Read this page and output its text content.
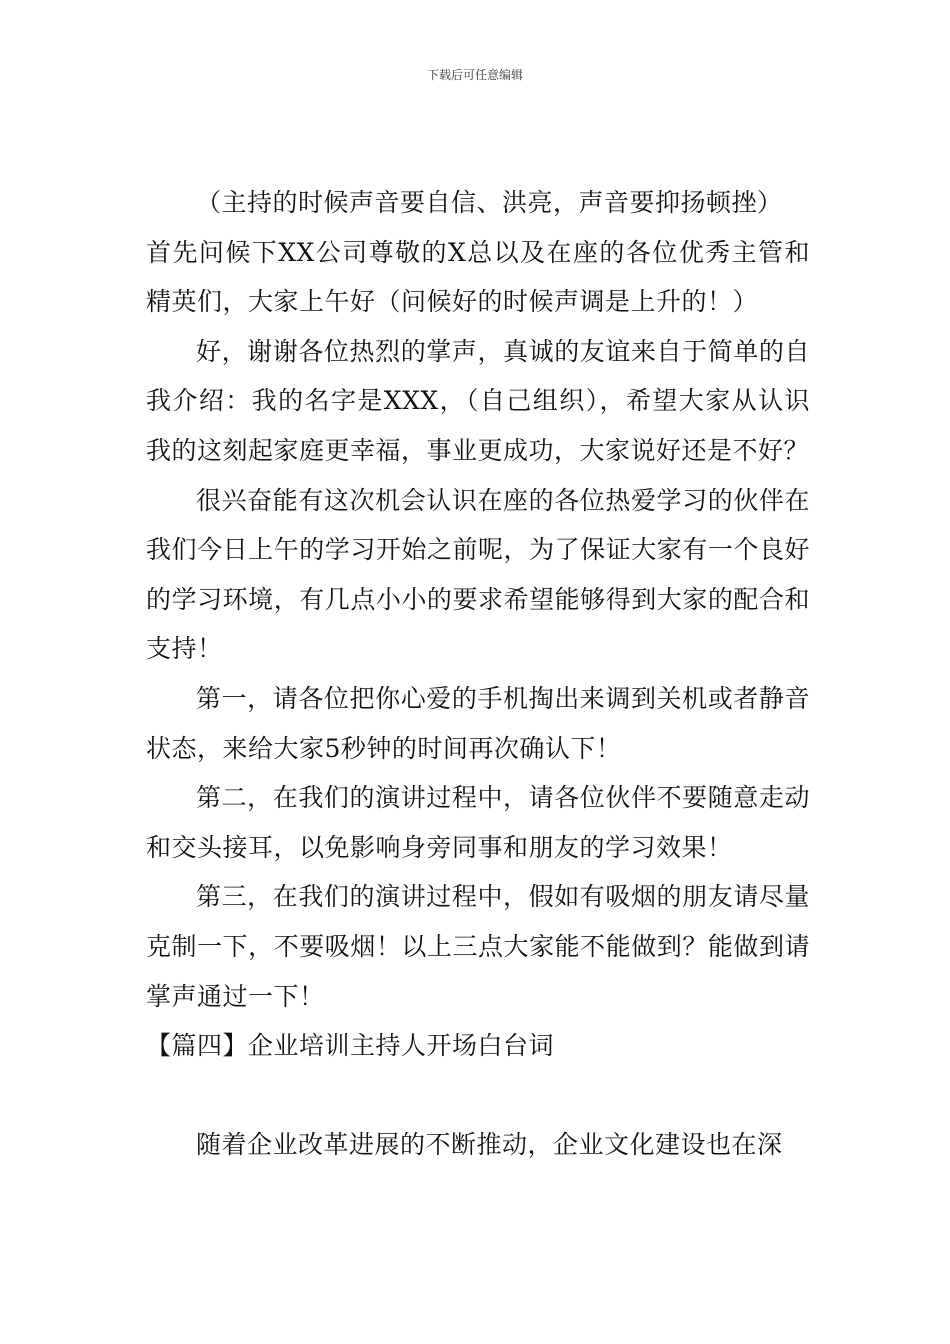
下载后可任意编辑

（主持的时候声音要自信、洪亮，声音要抑扬顿挫）

首先问候下XX公司尊敬的X总以及在座的各位优秀主管和精英们，大家上午好（问候好的时候声调是上升的！）

好，谢谢各位热烈的掌声，真诚的友谊来自于简单的自我介绍：我的名字是XXX，（自己组织），希望大家从认识我的这刻起家庭更幸福，事业更成功，大家说好还是不好？

很兴奋能有这次机会认识在座的各位热爱学习的伙伴在我们今日上午的学习开始之前呢，为了保证大家有一个良好的学习环境，有几点小小的要求希望能够得到大家的配合和支持！

第一，请各位把你心爱的手机掏出来调到关机或者静音状态，来给大家5秒钟的时间再次确认下！

第二，在我们的演讲过程中，请各位伙伴不要随意走动和交头接耳，以免影响身旁同事和朋友的学习效果！

第三，在我们的演讲过程中，假如有吸烟的朋友请尽量克制一下，不要吸烟！以上三点大家能不能做到？能做到请掌声通过一下！

【篇四】企业培训主持人开场白台词

随着企业改革进展的不断推动，企业文化建设也在深
